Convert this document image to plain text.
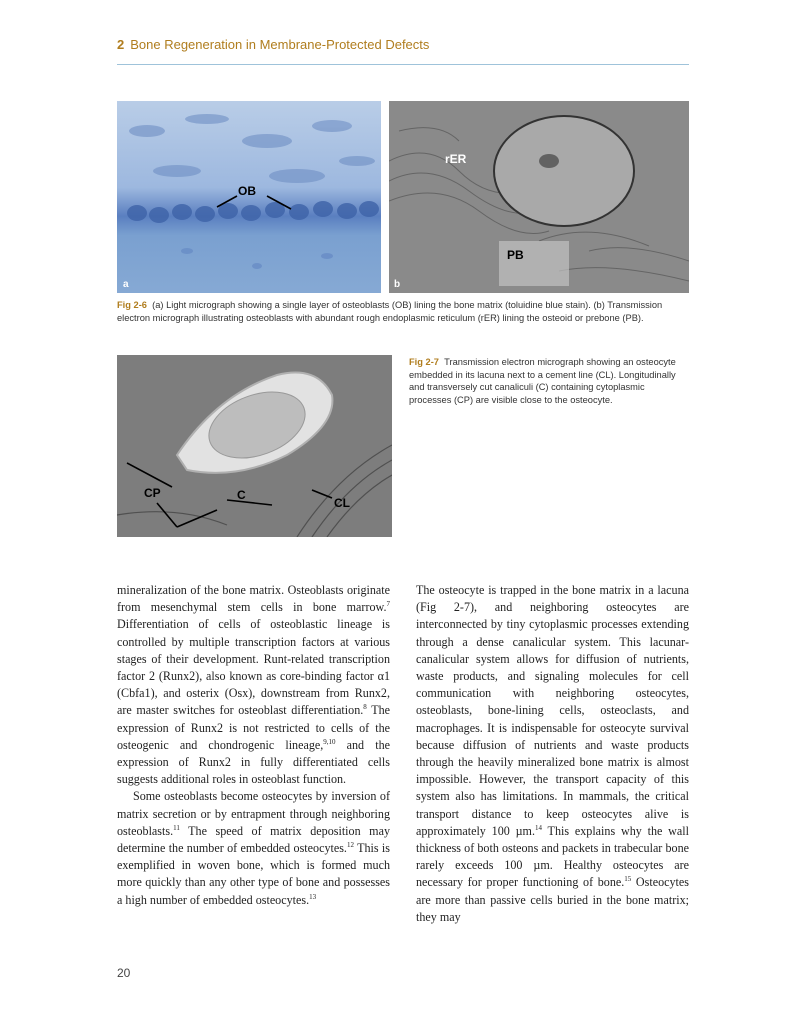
2 Bone Regeneration in Membrane-Protected Defects
OB
a
rER
PB
b
Fig 2-6 (a) Light micrograph showing a single layer of osteoblasts (OB) lining the bone matrix (toluidine blue stain). (b) Transmission electron micrograph illustrating osteoblasts with abundant rough endoplasmic reticulum (rER) lining the osteoid or prebone (PB).
CP	C
CL
Fig 2-7 Transmission electron micrograph showing an osteocyte embedded in its lacuna next to a cement line (CL). Longitudinally and transversely cut canaliculi (C) containing cytoplasmic processes (CP) are visible close to the osteocyte.

mineralization of the bone matrix. Osteoblasts originate from mesenchymal stem cells in bone marrow.$^7$ Differentiation of cells of osteoblastic lineage is controlled by multiple transcription factors at various stages of their development. Runt-related transcription factor 2 (Runx2), also known as core-binding factor α1 (Cbfa1), and osterix (Osx), downstream from Runx2, are master switches for osteoblast differentiation.$^8$ The expression of Runx2 is not restricted to cells of the osteogenic and chondrogenic lineage,$^{9,10}$ and the expression of Runx2 in fully differentiated cells suggests additional roles in osteoblast function.

Some osteoblasts become osteocytes by inversion of matrix secretion or by entrapment through neighboring osteoblasts.$^{11}$ The speed of matrix deposition may determine the number of embedded osteocytes.$^{12}$ This is exemplified in woven bone, which is formed much more quickly than any other type of bone and possesses a high number of embedded osteocytes.$^{13}$

The osteocyte is trapped in the bone matrix in a lacuna (Fig 2-7), and neighboring osteocytes are interconnected by tiny cytoplasmic processes extending through a dense canalicular system. This lacunar-canalicular system allows for diffusion of nutrients, waste products, and signaling molecules for cell communication with neighboring osteocytes, osteoblasts, bone-lining cells, osteoclasts, and macrophages. It is indispensable for osteocyte survival because diffusion of nutrients and waste products through the heavily mineralized bone matrix is almost impossible. However, the transport capacity of this system also has limitations. In mammals, the critical transport distance to keep osteocytes alive is approximately 100 µm.$^{14}$ This explains why the wall thickness of both osteons and packets in trabecular bone rarely exceeds 100 µm. Healthy osteocytes are necessary for proper functioning of bone.$^{15}$ Osteocytes are more than passive cells buried in the bone matrix; they may

20
